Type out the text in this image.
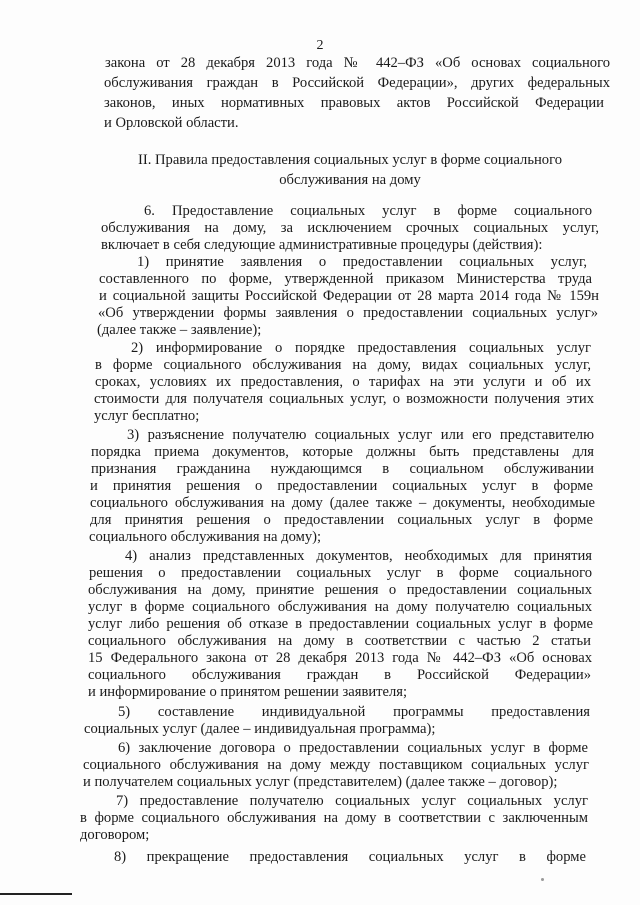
2
закона от 28 декабря 2013 года № 442–ФЗ «Об основах социального
обслуживания граждан в Российской Федерации», других федеральных
законов, иных нормативных правовых актов Российской Федерации
и Орловской области.
II. Правила предоставления социальных услуг в форме социального
обслуживания на дому
6. Предоставление социальных услуг в форме социального
обслуживания на дому, за исключением срочных социальных услуг,
включает в себя следующие административные процедуры (действия):
1) принятие заявления о предоставлении социальных услуг,
составленного по форме, утвержденной приказом Министерства труда
и социальной защиты Российской Федерации от 28 марта 2014 года № 159н
«Об утверждении формы заявления о предоставлении социальных услуг»
(далее также – заявление);
2) информирование о порядке предоставления социальных услуг
в форме социального обслуживания на дому, видах социальных услуг,
сроках, условиях их предоставления, о тарифах на эти услуги и об их
стоимости для получателя социальных услуг, о возможности получения этих
услуг бесплатно;
3) разъяснение получателю социальных услуг или его представителю
порядка приема документов, которые должны быть представлены для
признания гражданина нуждающимся в социальном обслуживании
и принятия решения о предоставлении социальных услуг в форме
социального обслуживания на дому (далее также – документы, необходимые
для принятия решения о предоставлении социальных услуг в форме
социального обслуживания на дому);
4) анализ представленных документов, необходимых для принятия
решения о предоставлении социальных услуг в форме социального
обслуживания на дому, принятие решения о предоставлении социальных
услуг в форме социального обслуживания на дому получателю социальных
услуг либо решения об отказе в предоставлении социальных услуг в форме
социального обслуживания на дому в соответствии с частью 2 статьи
15 Федерального закона от 28 декабря 2013 года № 442–ФЗ «Об основах
социального обслуживания граждан в Российской Федерации»
и информирование о принятом решении заявителя;
5) составление индивидуальной программы предоставления
социальных услуг (далее – индивидуальная программа);
6) заключение договора о предоставлении социальных услуг в форме
социального обслуживания на дому между поставщиком социальных услуг
и получателем социальных услуг (представителем) (далее также – договор);
7) предоставление получателю социальных услуг социальных услуг
в форме социального обслуживания на дому в соответствии с заключенным
договором;
8) прекращение предоставления социальных услуг в форме
